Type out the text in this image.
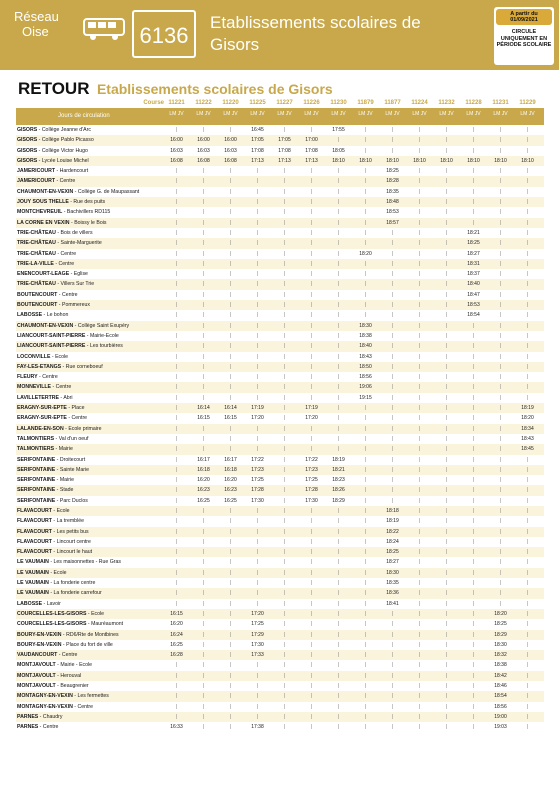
Réseau
Oise	6136
Etablissements scolaires de Gisors
A partir du 01/09/2021
CIRCULE UNIQUEMENT EN PÉRIODE SCOLAIRE
RETOUR Etablissements scolaires de Gisors
Course 11221	11222	11220	11225	11227	11226	11230	11879	11877	11224	11232	11228	11231	11229
Jours de circulation	LM JV	LM JV	LM JV	LM JV	LM JV	LM JV	LM JV	LM JV	LM JV	LM JV	LM JV	LM JV	LM JV	LM JV
GISORS - Collège Jeanne d'Arc	|	|	|	16:45	|	|	17:55	|	|	|	|	|	|	|
GISORS - Collège Pablo Picasso	16:00	16:00	16:00	17:05	17:05	17:00	|	|	|	|	|	|	|	|
GISORS - Collège Victor Hugo	16:03	16:03	16:03	17:08	17:08	17:08	18:05	|	|	|	|	|	|	|
GISORS - Lycée Louise Michel	16:08	16:08	16:08	17:13	17:13	17:13	18:10	18:10	18:10	18:10	18:10	18:10	18:10	18:10
JAMERICOURT - Hardencourt	|	|	|	|	|	|	|	|	18:25	|	|	|	|	|
JAMERICOURT - Centre	|	|	|	|	|	|	|	|	18:28	|	|	|	|	|
CHAUMONT-EN-VEXIN - Collège G. de Maupassant	|	|	|	|	|	|	|	|	18:35	|	|	|	|	|
JOUY SOUS THELLE - Rue des puits	|	|	|	|	|	|	|	|	18:48	|	|	|	|	|
MONTCHEVREUIL - Bachivillers RD115	|	|	|	|	|	|	|	|	18:53	|	|	|	|	|
LA CORNE EN VEXIN - Boissy le Bois	|	|	|	|	|	|	|	|	18:57	|	|	|	|	|
TRIE-CHÂTEAU - Bois de villers	|	|	|	|	|	|	|	|	|	|	|	18:21	|	|
TRIE-CHÂTEAU - Sainte-Marguerite	|	|	|	|	|	|	|	|	|	|	|	18:25	|	|
TRIE-CHÂTEAU - Centre	|	|	|	|	|	|	|	18:20	|	|	|	18:27	|	|
TRIE-LA-VILLE - Centre	|	|	|	|	|	|	|	|	|	|	|	18:31	|	|
ENENCOURT-LEAGE - Eglise	|	|	|	|	|	|	|	|	|	|	|	18:37	|	|
TRIE-CHÂTEAU - Villers Sur Trie	|	|	|	|	|	|	|	|	|	|	|	18:40	|	|
BOUTENCOURT - Centre	|	|	|	|	|	|	|	|	|	|	|	18:47	|	|
BOUTENCOURT - Pommereux	|	|	|	|	|	|	|	|	|	|	|	18:53	|	|
LABOSSE - Le bohon	|	|	|	|	|	|	|	|	|	|	|	18:54	|	|
CHAUMONT-EN-VEXIN - Collège Saint Exupéry	|	|	|	|	|	|	|	18:30	|	|	|	|	|	|
LIANCOURT-SAINT-PIERRE - Mairie-Ecole	|	|	|	|	|	|	|	18:38	|	|	|	|	|	|
LIANCOURT-SAINT-PIERRE - Les tourbières	|	|	|	|	|	|	|	18:40	|	|	|	|	|	|
LOCONVILLE - Ecole	|	|	|	|	|	|	|	18:43	|	|	|	|	|	|
FAY-LES-ETANGS - Rue corneboeuf	|	|	|	|	|	|	|	18:50	|	|	|	|	|	|
FLEURY - Centre	|	|	|	|	|	|	|	18:56	|	|	|	|	|	|
MONNEVILLE - Centre	|	|	|	|	|	|	|	19:06	|	|	|	|	|	|
LAVILLETERTRE - Abri	|	|	|	|	|	|	|	19:15	|	|	|	|	|	|
ERAGNY-SUR-EPTE - Place	|	16:14	16:14	17:19	|	17:19	|	|	|	|	|	|	|	18:19
ERAGNY-SUR-EPTE - Centre	|	16:15	16:15	17:20	|	17:20	|	|	|	|	|	|	|	18:20
LALANDE-EN-SON - Ecole primaire	|	|	|	|	|	|	|	|	|	|	|	|	|	18:34
TALMONTIERS - Val d'un oeuf	|	|	|	|	|	|	|	|	|	|	|	|	|	18:43
TALMONTIERS - Mairie	|	|	|	|	|	|	|	|	|	|	|	|	|	18:45
SERIFONTAINE - Droitecourt	|	16:17	16:17	17:22	|	17:22	18:19	|	|	|	|	|	|	|
SERIFONTAINE - Sainte Marie	|	16:18	16:18	17:23	|	17:23	18:21	|	|	|	|	|	|	|
SERIFONTAINE - Mairie	|	16:20	16:20	17:25	|	17:25	18:23	|	|	|	|	|	|	|
SERIFONTAINE - Stade	|	16:23	16:23	17:28	|	17:28	18:26	|	|	|	|	|	|	|
SERIFONTAINE - Parc Duclos	|	16:25	16:25	17:30	|	17:30	18:29	|	|	|	|	|	|	|
FLAVACOURT - Ecole	|	|	|	|	|	|	|	|	18:18	|	|	|	|	|
FLAVACOURT - La tremblée	|	|	|	|	|	|	|	|	18:19	|	|	|	|	|
FLAVACOURT - Les petits bus	|	|	|	|	|	|	|	|	18:22	|	|	|	|	|
FLAVACOURT - Lincourt centre	|	|	|	|	|	|	|	|	18:24	|	|	|	|	|
FLAVACOURT - Lincourt le haut	|	|	|	|	|	|	|	|	18:25	|	|	|	|	|
LE VAUMAIN - Les maisonnettes - Rue Gras	|	|	|	|	|	|	|	|	18:27	|	|	|	|	|
LE VAUMAIN - Ecole	|	|	|	|	|	|	|	|	18:30	|	|	|	|	|
LE VAUMAIN - La fonderie centre	|	|	|	|	|	|	|	|	18:35	|	|	|	|	|
LE VAUMAIN - La fonderie carrefour	|	|	|	|	|	|	|	|	18:36	|	|	|	|	|
LABOSSE - Lavoir	|	|	|	|	|	|	|	|	18:41	|	|	|	|	|
COURCELLES-LES-GISORS - Ecole	16:15	|	|	17:20	|	|	|	|	|	|	|	|	18:20	|
COURCELLES-LES-GISORS - Mauréaumont	16:20	|	|	17:25	|	|	|	|	|	|	|	|	18:25	|
BOURY-EN-VEXIN - RD6/Rte de Montbines	16:24	|	|	17:29	|	|	|	|	|	|	|	|	18:29	|
BOURY-EN-VEXIN - Place du fort de ville	16:25	|	|	17:30	|	|	|	|	|	|	|	|	18:30	|
VAUDANCOURT - Centre	16:28	|	|	17:33	|	|	|	|	|	|	|	|	18:32	|
MONTJAVOULT - Mairie - Ecole	|	|	|	|	|	|	|	|	|	|	|	|	18:38	|
MONTJAVOULT - Herouval	|	|	|	|	|	|	|	|	|	|	|	|	18:42	|
MONTJAVOULT - Beaugrenier	|	|	|	|	|	|	|	|	|	|	|	|	18:46	|
MONTAGNY-EN-VEXIN - Les fermettes	|	|	|	|	|	|	|	|	|	|	|	|	18:54	|
MONTAGNY-EN-VEXIN - Centre	|	|	|	|	|	|	|	|	|	|	|	|	18:56	|
PARNES - Chaudry	|	|	|	|	|	|	|	|	|	|	|	|	19:00	|
PARNES - Centre	16:33	|	|	17:38	|	|	|	|	|	|	|	|	19:03	|
